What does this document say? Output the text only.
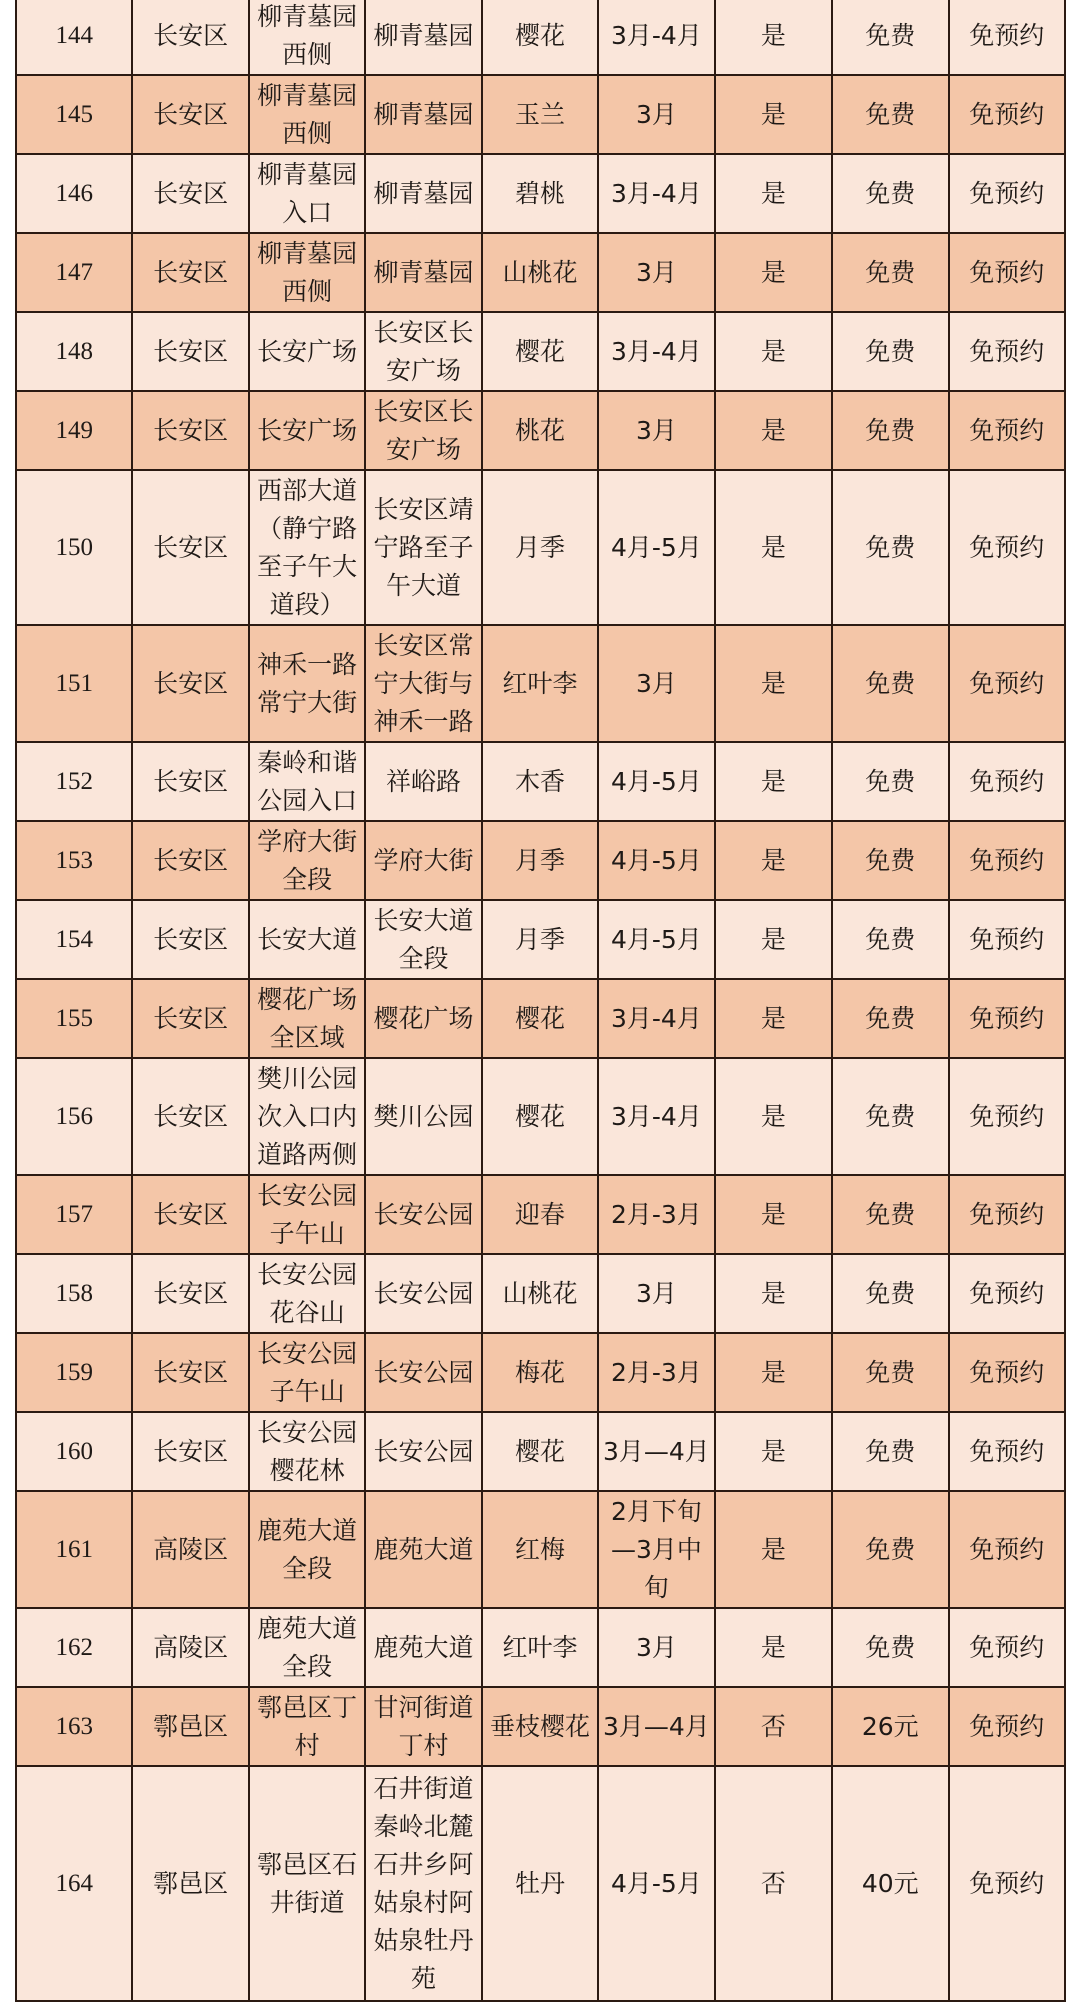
144	长安区	柳青墓园西侧	柳青墓园	樱花	3月-4月	是	免费	免预约
145	长安区	柳青墓园西侧	柳青墓园	玉兰	3月	是	免费	免预约
146	长安区	柳青墓园入口	柳青墓园	碧桃	3月-4月	是	免费	免预约
147	长安区	柳青墓园西侧	柳青墓园	山桃花	3月	是	免费	免预约
148	长安区	长安广场	长安区长安广场	樱花	3月-4月	是	免费	免预约
149	长安区	长安广场	长安区长安广场	桃花	3月	是	免费	免预约
150	长安区	西部大道（静宁路至子午大道段）	长安区靖宁路至子午大道	月季	4月-5月	是	免费	免预约
151	长安区	神禾一路常宁大街	长安区常宁大街与神禾一路	红叶李	3月	是	免费	免预约
152	长安区	秦岭和谐公园入口	祥峪路	木香	4月-5月	是	免费	免预约
153	长安区	学府大街全段	学府大街	月季	4月-5月	是	免费	免预约
154	长安区	长安大道	长安大道全段	月季	4月-5月	是	免费	免预约
155	长安区	樱花广场全区域	樱花广场	樱花	3月-4月	是	免费	免预约
156	长安区	樊川公园次入口内道路两侧	樊川公园	樱花	3月-4月	是	免费	免预约
157	长安区	长安公园子午山	长安公园	迎春	2月-3月	是	免费	免预约
158	长安区	长安公园花谷山	长安公园	山桃花	3月	是	免费	免预约
159	长安区	长安公园子午山	长安公园	梅花	2月-3月	是	免费	免预约
160	长安区	长安公园樱花林	长安公园	樱花	3月—4月	是	免费	免预约
161	高陵区	鹿苑大道全段	鹿苑大道	红梅	2月下旬—3月中旬	是	免费	免预约
162	高陵区	鹿苑大道全段	鹿苑大道	红叶李	3月	是	免费	免预约
163	鄠邑区	鄠邑区丁村	甘河街道丁村	垂枝樱花	3月—4月	否	26元	免预约
164	鄠邑区	鄠邑区石井街道	石井街道秦岭北麓石井乡阿姑泉村阿姑泉牡丹苑	牡丹	4月-5月	否	40元	免预约
